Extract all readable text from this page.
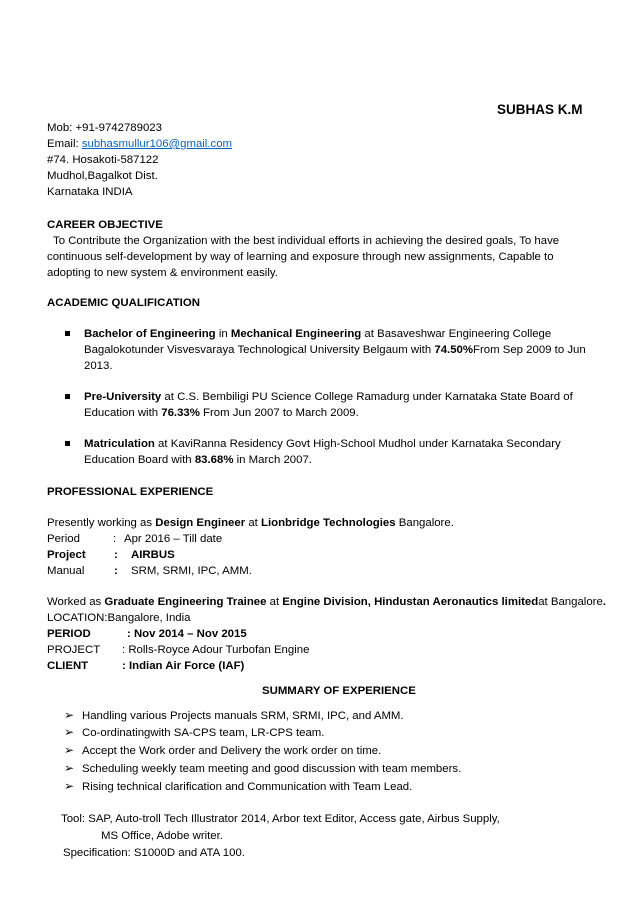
SUBHAS K.M
Mob: +91-9742789023
Email: subhasmullur106@gmail.com
#74. Hosakoti-587122
Mudhol,Bagalkot Dist.
Karnataka INDIA
CAREER OBJECTIVE
To Contribute the Organization with the best individual efforts in achieving the desired goals, To have
continuous self-development by way of learning and exposure through new assignments, Capable to
adopting to new system & environment easily.
ACADEMIC QUALIFICATION
Bachelor of Engineering in Mechanical Engineering at Basaveshwar Engineering College
Bagalokotunder Visvesvaraya Technological University Belgaum with 74.50%From Sep 2009 to Jun
2013.
Pre-University at C.S. Bembiligi PU Science College Ramadurg under Karnataka State Board of
Education with 76.33% From Jun 2007 to March 2009.
Matriculation at KaviRanna Residency Govt High-School Mudhol under Karnataka Secondary
Education Board with 83.68% in March 2007.
PROFESSIONAL EXPERIENCE
Presently working as Design Engineer at Lionbridge Technologies Bangalore.
Period	: Apr 2016 – Till date
Project : AIRBUS
Manual	: SRM, SRMI, IPC, AMM.
Worked as Graduate Engineering Trainee at Engine Division, Hindustan Aeronautics limitedat Bangalore.
LOCATION:Bangalore, India
PERIOD	: Nov 2014 – Nov 2015
PROJECT : Rolls-Royce Adour Turbofan Engine
CLIENT	: Indian Air Force (IAF)
SUMMARY OF EXPERIENCE
➢ Handling various Projects manuals SRM, SRMI, IPC, and AMM.
➢ Co-ordinatingwith SA-CPS team, LR-CPS team.
➢ Accept the Work order and Delivery the work order on time.
➢ Scheduling weekly team meeting and good discussion with team members.
➢ Rising technical clarification and Communication with Team Lead.
Tool: SAP, Auto-troll Tech Illustrator 2014, Arbor text Editor, Access gate, Airbus Supply,
MS Office, Adobe writer.
Specification: S1000D and ATA 100.
